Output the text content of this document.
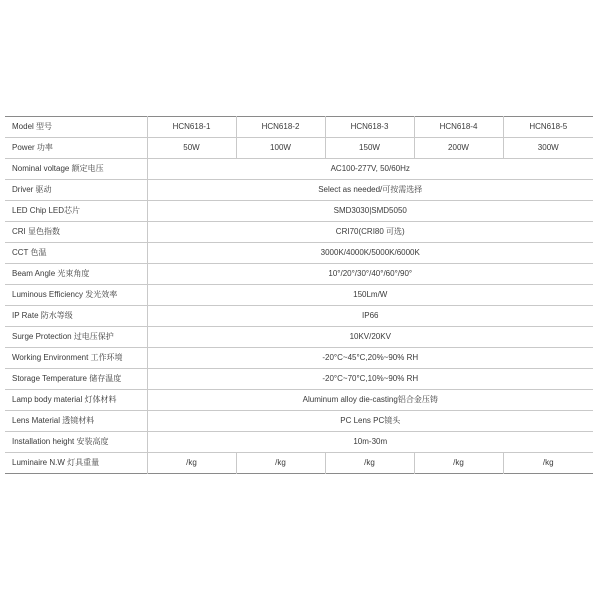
Model 型号	HCN618-1	HCN618-2	HCN618-3	HCN618-4	HCN618-5
Power 功率	50W	100W	150W	200W	300W
Nominal voltage 额定电压	AC100-277V, 50/60Hz				
Driver 驱动	Select as needed/可按需选择				
LED Chip LED芯片	SMD3030|SMD5050				
CRI 显色指数	CRI70(CRI80 可选)				
CCT 色温	3000K/4000K/5000K/6000K				
Beam Angle 光束角度	10°/20°/30°/40°/60°/90°				
Luminous Efficiency 发光效率	150Lm/W				
IP Rate 防水等级	IP66				
Surge Protection 过电压保护	10KV/20KV				
Working Environment 工作环境	-20°C~45°C,20%~90% RH				
Storage Temperature 储存温度	-20°C~70°C,10%~90% RH				
Lamp body material 灯体材料	Aluminum alloy die-casting铝合金压铸				
Lens Material 透镜材料	PC Lens PC镜头				
Installation height 安装高度	10m-30m				
Luminaire N.W 灯具重量	/kg	/kg	/kg	/kg	/kg
